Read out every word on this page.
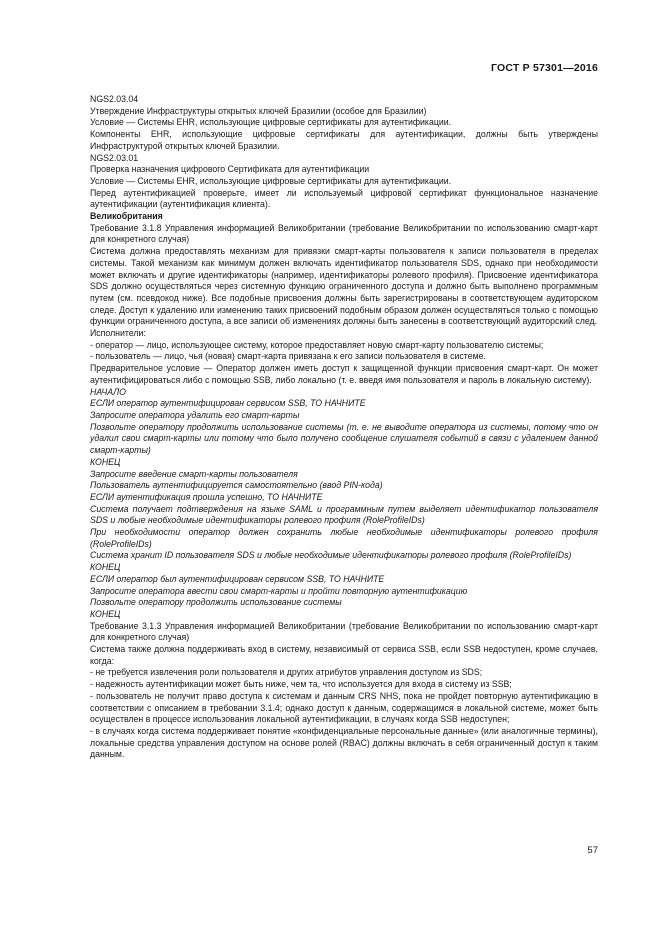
ГОСТ Р 57301—2016

NGS2.03.04

Утверждение Инфраструктуры открытых ключей Бразилии (особое для Бразилии)

Условие — Системы EHR, использующие цифровые сертификаты для аутентификации.

Компоненты EHR, использующие цифровые сертификаты для аутентификации, должны быть утверждены Инфраструктурой открытых ключей Бразилии.

NGS2.03.01

Проверка назначения цифрового Сертификата для аутентификации

Условие — Системы EHR, использующие цифровые сертификаты для аутентификации.

Перед аутентификацией проверьте, имеет ли используемый цифровой сертификат функциональное назначение аутентификации (аутентификация клиента).

Великобритания

Требование 3.1.8 Управления информацией Великобритании (требование Великобритании по использованию смарт-карт для конкретного случая)

Система должна предоставлять механизм для привязки смарт-карты пользователя к записи пользователя в пределах системы. Такой механизм как минимум должен включать идентификатор пользователя SDS, однако при необходимости может включать и другие идентификаторы (например, идентификаторы ролевого профиля). Присвоение идентификатора SDS должно осуществляться через системную функцию ограниченного доступа и должно быть выполнено программным путем (см. псевдокод ниже). Все подобные присвоения должны быть зарегистрированы в соответствующем аудиторском следе. Доступ к удалению или изменению таких присвоений подобным образом должен осуществляться только с помощью функции ограниченного доступа, а все записи об изменениях должны быть занесены в соответствующий аудиторский след.

Исполнители:

- оператор — лицо, использующее систему, которое предоставляет новую смарт-карту пользователю системы;

- пользователь — лицо, чья (новая) смарт-карта привязана к его записи пользователя в системе.

Предварительное условие — Оператор должен иметь доступ к защищенной функции присвоения смарт-карт. Он может аутентифицироваться либо с помощью SSB, либо локально (т. е. введя имя пользователя и пароль в локальную систему).

НАЧАЛО

ЕСЛИ оператор аутентифицирован сервисом SSB, ТО НАЧНИТЕ

Запросите оператора удалить его смарт-карты

Позвольте оператору продолжить использование системы (т. е. не выводите оператора из системы, потому что он удалил свои смарт-карты или потому что было получено сообщение слушателя событий в связи с удалением данной смарт-карты)

КОНЕЦ

Запросите введение смарт-карты пользователя

Пользователь аутентифицируется самостоятельно (ввод PIN-кода)

ЕСЛИ аутентификация прошла успешно, ТО НАЧНИТЕ

Система получает подтверждения на языке SAML и программным путем выделяет идентификатор пользователя SDS и любые необходимые идентификаторы ролевого профиля (RoleProfileIDs)

При необходимости оператор должен сохранить любые необходимые идентификаторы ролевого профиля (RoleProfileIDs)

Система хранит ID пользователя SDS и любые необходимые идентификаторы ролевого профиля (RoleProfileIDs)

КОНЕЦ

ЕСЛИ оператор был аутентифицирован сервисом SSB, ТО НАЧНИТЕ

Запросите оператора ввести свои смарт-карты и пройти повторную аутентификацию

Позвольте оператору продолжить использование системы

КОНЕЦ

Требование 3.1.3 Управления информацией Великобритании (требование Великобритании по использованию смарт-карт для конкретного случая)

Система также должна поддерживать вход в систему, независимый от сервиса SSB, если SSB недоступен, кроме случаев, когда:

- не требуется извлечения роли пользователя и других атрибутов управления доступом из SDS;

- надежность аутентификации может быть ниже, чем та, что используется для входа в систему из SSB;

- пользователь не получит право доступа к системам и данным CRS NHS, пока не пройдет повторную аутентификацию в соответствии с описанием в требовании 3.1.4; однако доступ к данным, содержащимся в локальной системе, может быть осуществлен в процессе использования локальной аутентификации, в случаях когда SSB недоступен;

- в случаях когда система поддерживает понятие «конфиденциальные персональные данные» (или аналогичные термины), локальные средства управления доступом на основе ролей (RBAC) должны включать в себя ограниченный доступ к таким данным.

57
